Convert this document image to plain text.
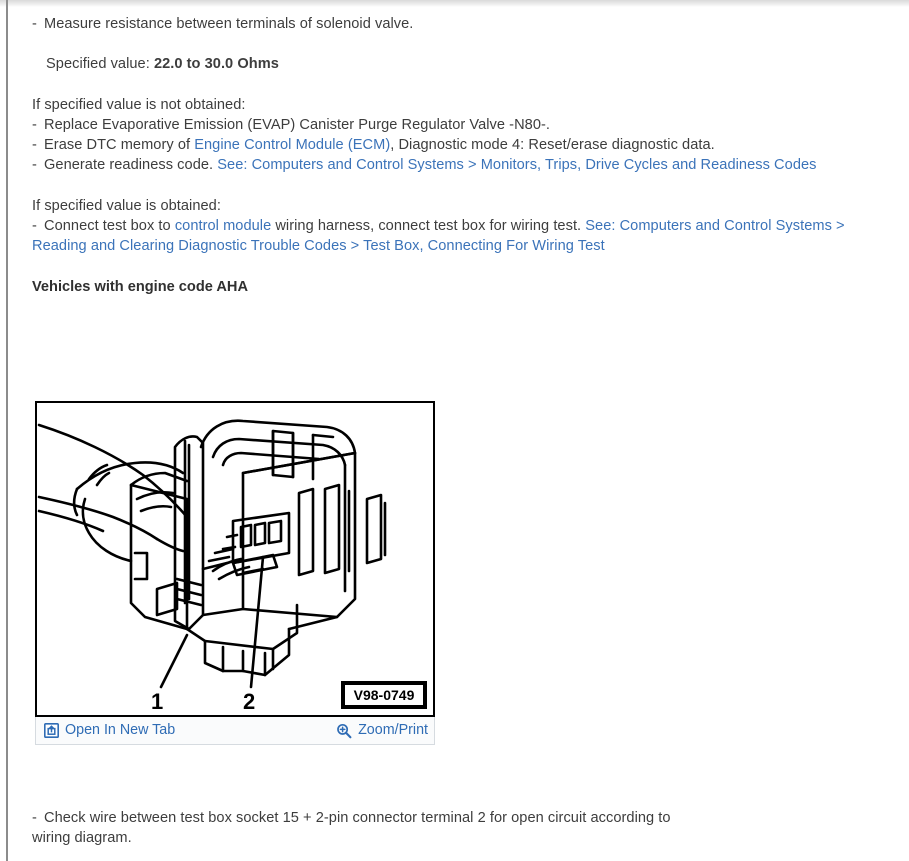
- Measure resistance between terminals of solenoid valve.

Specified value: 22.0 to 30.0 Ohms

If specified value is not obtained:

- Replace Evaporative Emission (EVAP) Canister Purge Regulator Valve -N80-.

- Erase DTC memory of Engine Control Module (ECM), Diagnostic mode 4: Reset/erase diagnostic data.

- Generate readiness code. See: Computers and Control Systems > Monitors, Trips, Drive Cycles and Readiness Codes

If specified value is obtained:

- Connect test box to control module wiring harness, connect test box for wiring test. See: Computers and Control Systems > Reading and Clearing Diagnostic Trouble Codes > Test Box, Connecting For Wiring Test

Vehicles with engine code AHA

1	2	V98-0749
Open In New Tab	Zoom/Print

- Check wire between test box socket 15 + 2-pin connector terminal 2 for open circuit according to wiring diagram.
